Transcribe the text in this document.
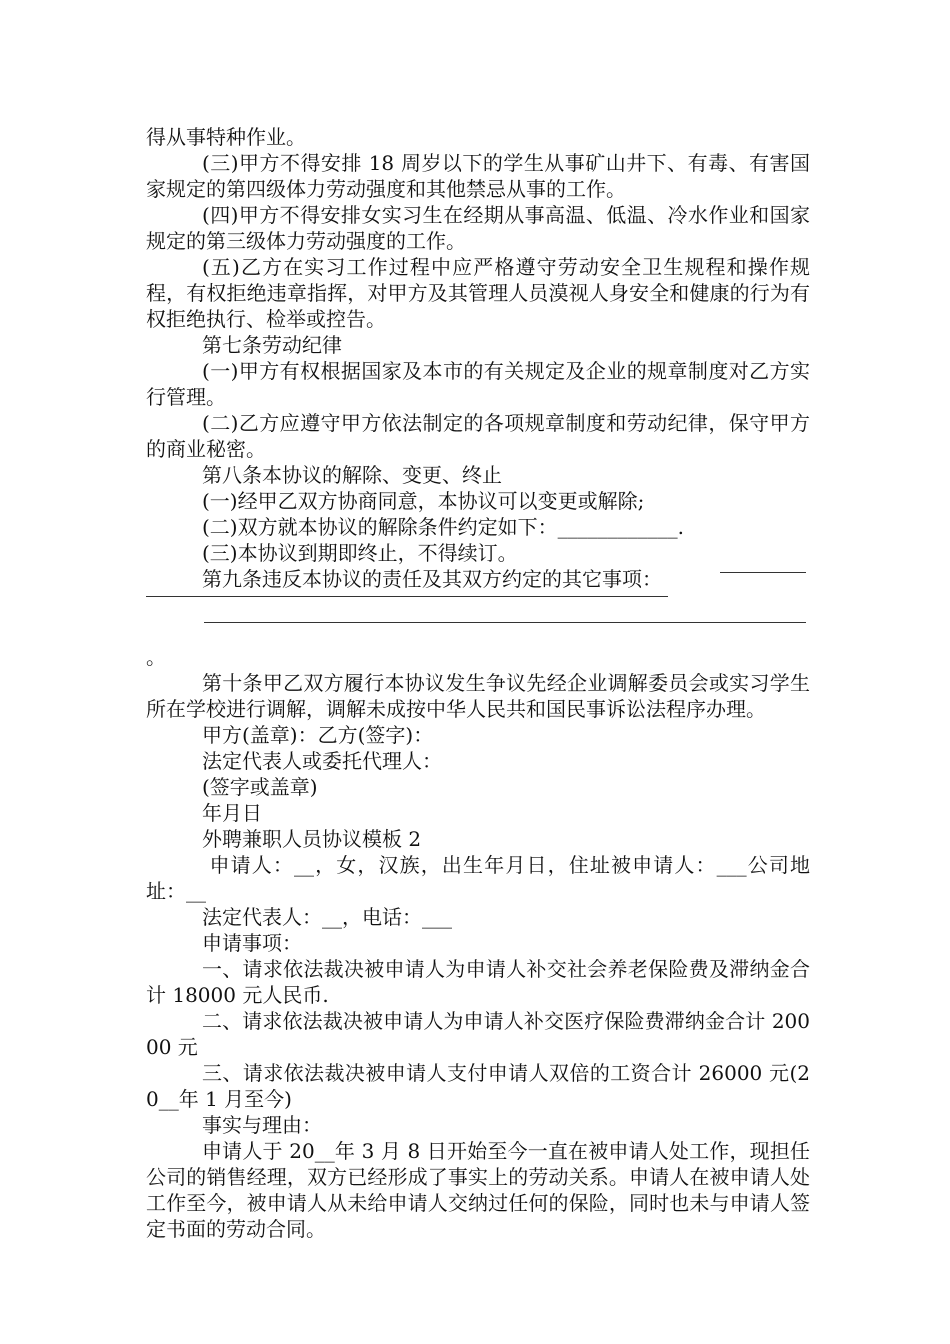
得从事特种作业。

(三)甲方不得安排 18 周岁以下的学生从事矿山井下、有毒、有害国家规定的第四级体力劳动强度和其他禁忌从事的工作。

(四)甲方不得安排女实习生在经期从事高温、低温、冷水作业和国家规定的第三级体力劳动强度的工作。

(五)乙方在实习工作过程中应严格遵守劳动安全卫生规程和操作规程，有权拒绝违章指挥，对甲方及其管理人员漠视人身安全和健康的行为有权拒绝执行、检举或控告。

第七条劳动纪律

(一)甲方有权根据国家及本市的有关规定及企业的规章制度对乙方实行管理。

(二)乙方应遵守甲方依法制定的各项规章制度和劳动纪律，保守甲方的商业秘密。

第八条本协议的解除、变更、终止

(一)经甲乙双方协商同意，本协议可以变更或解除;

(二)双方就本协议的解除条件约定如下：____________.

(三)本协议到期即终止，不得续订。

第九条违反本协议的责任及其双方约定的其它事项：

。

第十条甲乙双方履行本协议发生争议先经企业调解委员会或实习学生所在学校进行调解，调解未成按中华人民共和国民事诉讼法程序办理。

甲方(盖章)：乙方(签字)：

法定代表人或委托代理人：

(签字或盖章)

年月日

外聘兼职人员协议模板 2

申请人：__，女，汉族，出生年月日，住址被申请人：___公司地址：__

法定代表人：__，电话：___

申请事项：

一、请求依法裁决被申请人为申请人补交社会养老保险费及滞纳金合计 18000 元人民币.

二、请求依法裁决被申请人为申请人补交医疗保险费滞纳金合计 20000 元

三、请求依法裁决被申请人支付申请人双倍的工资合计 26000 元(20__年 1 月至今)

事实与理由：

申请人于 20__年 3 月 8 日开始至今一直在被申请人处工作，现担任公司的销售经理，双方已经形成了事实上的劳动关系。申请人在被申请人处工作至今，被申请人从未给申请人交纳过任何的保险，同时也未与申请人签定书面的劳动合同。
